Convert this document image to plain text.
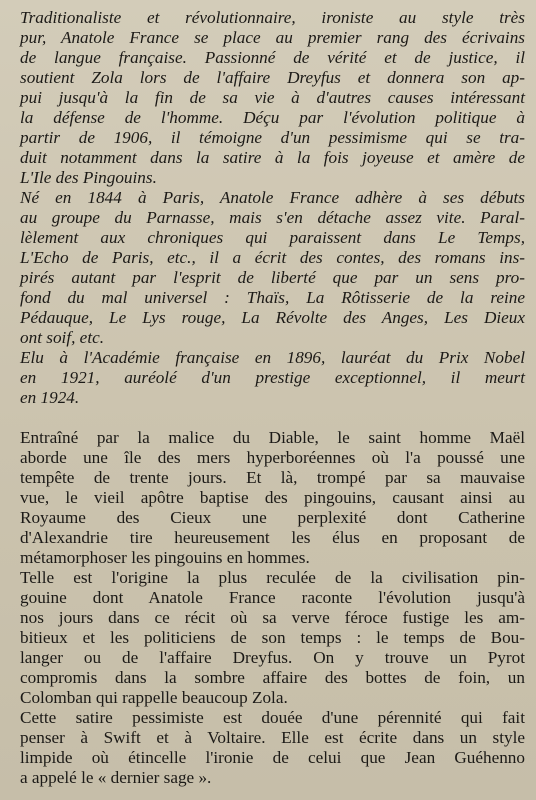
Traditionaliste et révolutionnaire, ironiste au style très
pur, Anatole France se place au premier rang des écrivains
de langue française. Passionné de vérité et de justice, il
soutient Zola lors de l'affaire Dreyfus et donnera son ap-
pui jusqu'à la fin de sa vie à d'autres causes intéressant
la défense de l'homme. Déçu par l'évolution politique à
partir de 1906, il témoigne d'un pessimisme qui se tra-
duit notamment dans la satire à la fois joyeuse et amère de
L'Ile des Pingouins.
Né en 1844 à Paris, Anatole France adhère à ses débuts
au groupe du Parnasse, mais s'en détache assez vite. Paral-
lèlement aux chroniques qui paraissent dans Le Temps,
L'Echo de Paris, etc., il a écrit des contes, des romans ins-
pirés autant par l'esprit de liberté que par un sens pro-
fond du mal universel : Thaïs, La Rôtisserie de la reine
Pédauque, Le Lys rouge, La Révolte des Anges, Les Dieux
ont soif, etc.
Elu à l'Académie française en 1896, lauréat du Prix Nobel
en 1921, auréolé d'un prestige exceptionnel, il meurt
en 1924.
Entraîné par la malice du Diable, le saint homme Maël
aborde une île des mers hyperboréennes où l'a poussé une
tempête de trente jours. Et là, trompé par sa mauvaise
vue, le vieil apôtre baptise des pingouins, causant ainsi au
Royaume des Cieux une perplexité dont Catherine
d'Alexandrie tire heureusement les élus en proposant de
métamorphoser les pingouins en hommes.
Telle est l'origine la plus reculée de la civilisation pin-
gouine dont Anatole France raconte l'évolution jusqu'à
nos jours dans ce récit où sa verve féroce fustige les am-
bitieux et les politiciens de son temps : le temps de Bou-
langer ou de l'affaire Dreyfus. On y trouve un Pyrot
compromis dans la sombre affaire des bottes de foin, un
Colomban qui rappelle beaucoup Zola.
Cette satire pessimiste est douée d'une pérennité qui fait
penser à Swift et à Voltaire. Elle est écrite dans un style
limpide où étincelle l'ironie de celui que Jean Guéhenno
a appelé le « dernier sage ».
